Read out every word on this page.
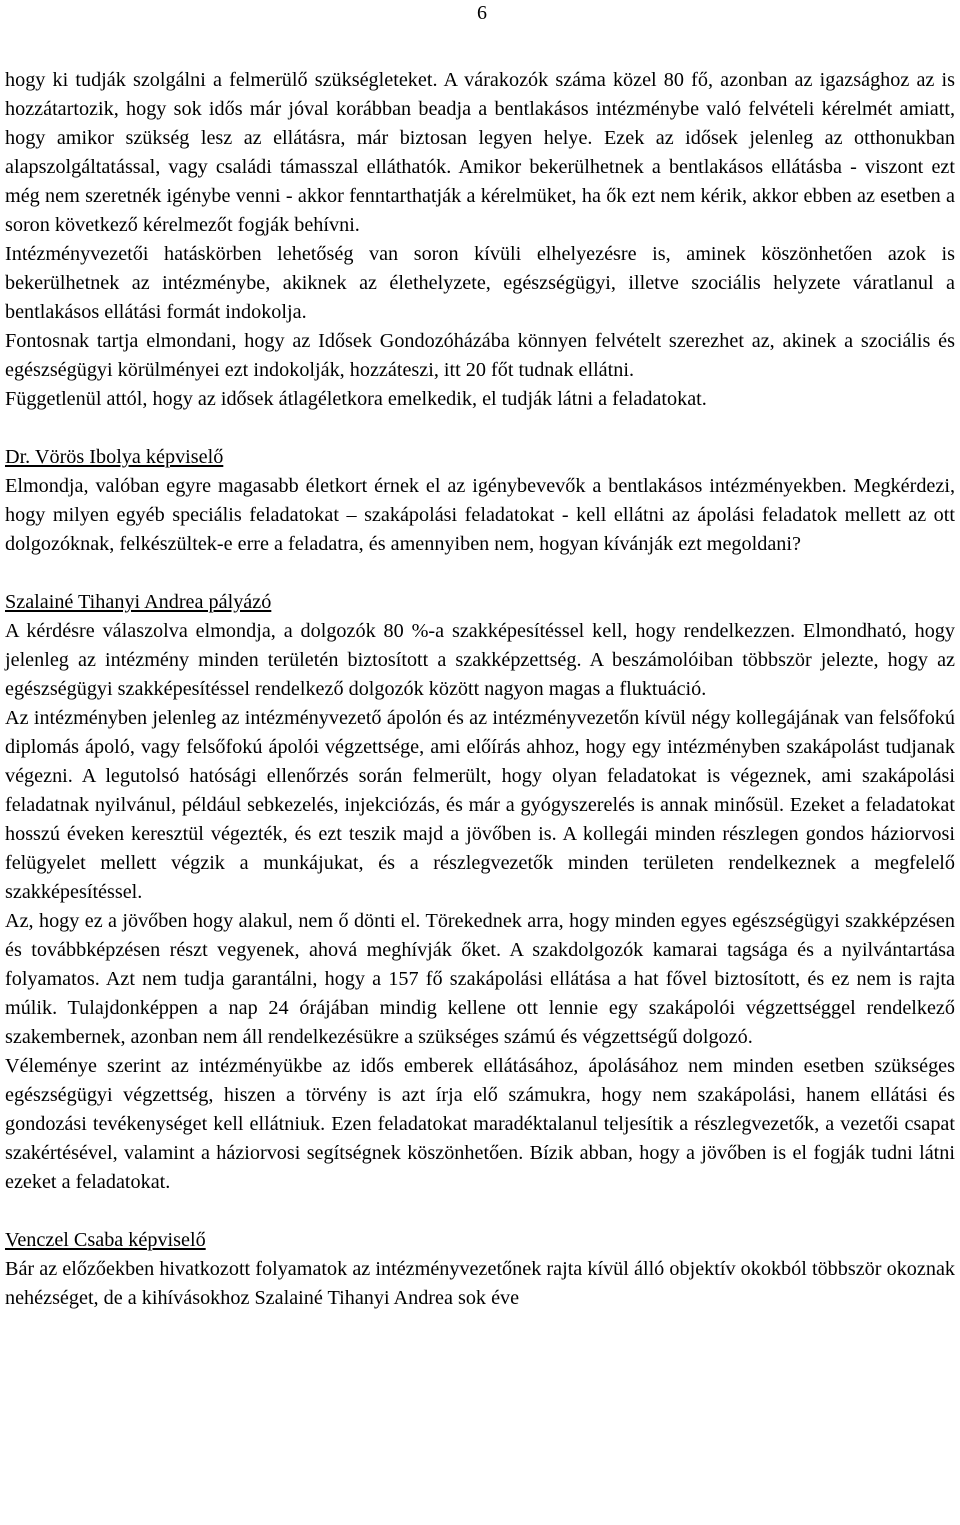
6

hogy ki tudják szolgálni a felmerülő szükségleteket. A várakozók száma közel 80 fő, azonban az igazsághoz az is hozzátartozik, hogy sok idős már jóval korábban beadja a bentlakásos intézménybe való felvételi kérelmét amiatt, hogy amikor szükség lesz az ellátásra, már biztosan legyen helye. Ezek az idősek jelenleg az otthonukban alapszolgáltatással, vagy családi támasszal elláthatók. Amikor bekerülhetnek a bentlakásos ellátásba - viszont ezt még nem szeretnék igénybe venni - akkor fenntarthatják a kérelmüket, ha ők ezt nem kérik, akkor ebben az esetben a soron következő kérelmezőt fogják behívni.

Intézményvezetői hatáskörben lehetőség van soron kívüli elhelyezésre is, aminek köszönhetően azok is bekerülhetnek az intézménybe, akiknek az élethelyzete, egészségügyi, illetve szociális helyzete váratlanul a bentlakásos ellátási formát indokolja.

Fontosnak tartja elmondani, hogy az Idősek Gondozóházába könnyen felvételt szerezhet az, akinek a szociális és egészségügyi körülményei ezt indokolják, hozzáteszi, itt 20 főt tudnak ellátni.

Függetlenül attól, hogy az idősek átlagéletkora emelkedik, el tudják látni a feladatokat.

Dr. Vörös Ibolya képviselő

Elmondja, valóban egyre magasabb életkort érnek el az igénybevevők a bentlakásos intézményekben. Megkérdezi, hogy milyen egyéb speciális feladatokat – szakápolási feladatokat - kell ellátni az ápolási feladatok mellett az ott dolgozóknak, felkészültek-e erre a feladatra, és amennyiben nem, hogyan kívánják ezt megoldani?

Szalainé Tihanyi Andrea pályázó

A kérdésre válaszolva elmondja, a dolgozók 80 %-a szakképesítéssel kell, hogy rendelkezzen. Elmondható, hogy jelenleg az intézmény minden területén biztosított a szakképzettség. A beszámolóiban többször jelezte, hogy az egészségügyi szakképesítéssel rendelkező dolgozók között nagyon magas a fluktuáció.

Az intézményben jelenleg az intézményvezető ápolón és az intézményvezetőn kívül négy kollegájának van felsőfokú diplomás ápoló, vagy felsőfokú ápolói végzettsége, ami előírás ahhoz, hogy egy intézményben szakápolást tudjanak végezni. A legutolsó hatósági ellenőrzés során felmerült, hogy olyan feladatokat is végeznek, ami szakápolási feladatnak nyilvánul, például sebkezelés, injekciózás, és már a gyógyszerelés is annak minősül. Ezeket a feladatokat hosszú éveken keresztül végezték, és ezt teszik majd a jövőben is. A kollegái minden részlegen gondos háziorvosi felügyelet mellett végzik a munkájukat, és a részlegvezetők minden területen rendelkeznek a megfelelő szakképesítéssel.

Az, hogy ez a jövőben hogy alakul, nem ő dönti el. Törekednek arra, hogy minden egyes egészségügyi szakképzésen és továbbképzésen részt vegyenek, ahová meghívják őket. A szakdolgozók kamarai tagsága és a nyilvántartása folyamatos. Azt nem tudja garantálni, hogy a 157 fő szakápolási ellátása a hat fővel biztosított, és ez nem is rajta múlik. Tulajdonképpen a nap 24 órájában mindig kellene ott lennie egy szakápolói végzettséggel rendelkező szakembernek, azonban nem áll rendelkezésükre a szükséges számú és végzettségű dolgozó.

Véleménye szerint az intézményükbe az idős emberek ellátásához, ápolásához nem minden esetben szükséges egészségügyi végzettség, hiszen a törvény is azt írja elő számukra, hogy nem szakápolási, hanem ellátási és gondozási tevékenységet kell ellátniuk. Ezen feladatokat maradéktalanul teljesítik a részlegvezetők, a vezetői csapat szakértésével, valamint a háziorvosi segítségnek köszönhetően. Bízik abban, hogy a jövőben is el fogják tudni látni ezeket a feladatokat.

Venczel Csaba képviselő

Bár az előzőekben hivatkozott folyamatok az intézményvezetőnek rajta kívül álló objektív okokból többször okoznak nehézséget, de a kihívásokhoz Szalainé Tihanyi Andrea sok éve
